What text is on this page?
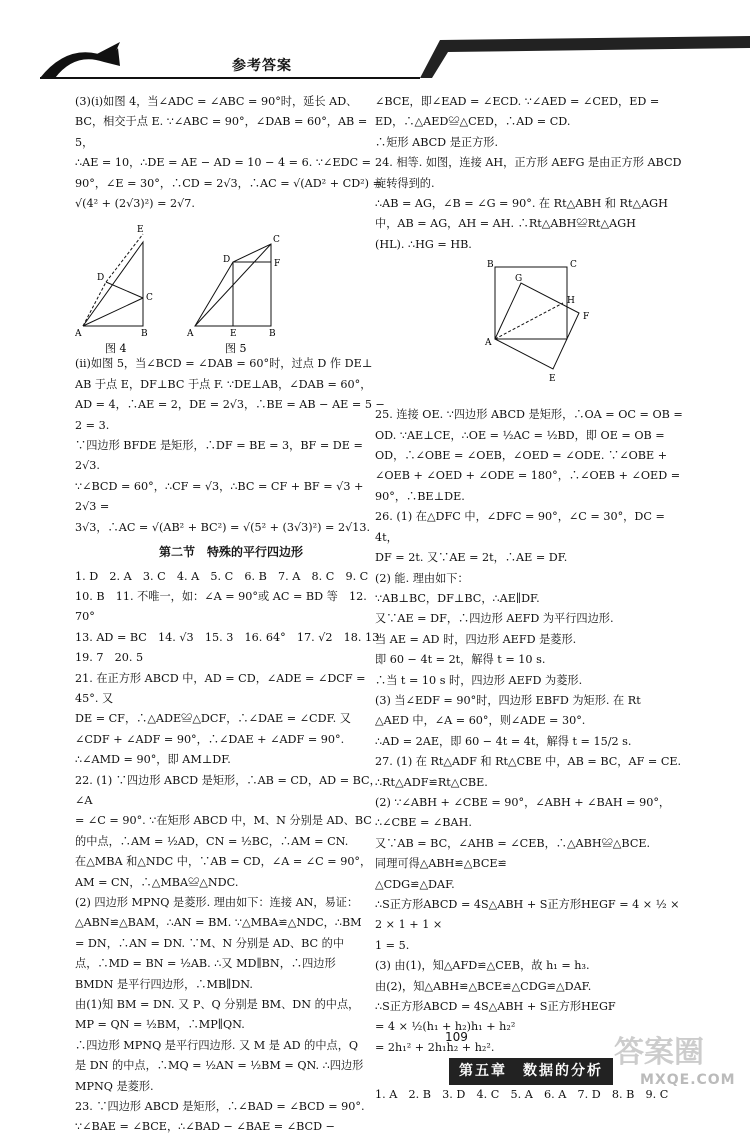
参考答案

(3)(ⅰ)如图 4，当∠ADC = ∠ABC = 90°时，延长 AD、

BC，相交于点 E. ∵∠ABC = 90°，∠DAB = 60°，AB = 5，

∴AE = 10，∴DE = AE − AD = 10 − 4 = 6. ∵∠EDC =

90°，∠E = 30°，∴CD = 2√3，∴AC = √(AD² + CD²) =

√(4² + (2√3)²) = 2√7.

E
D
C
A	B
C
D	F
A	E	B
图 4	图 5

(ⅱ)如图 5，当∠BCD = ∠DAB = 60°时，过点 D 作 DE⊥

AB 于点 E，DF⊥BC 于点 F. ∵DE⊥AB，∠DAB = 60°，

AD = 4，∴AE = 2，DE = 2√3，∴BE = AB − AE = 5 − 2 = 3.

∵四边形 BFDE 是矩形，∴DF = BE = 3，BF = DE = 2√3.

∵∠BCD = 60°，∴CF = √3，∴BC = CF + BF = √3 + 2√3 =

3√3，∴AC = √(AB² + BC²) = √(5² + (3√3)²) = 2√13.

第二节　特殊的平行四边形

1. D　2. A　3. C　4. A　5. C　6. B　7. A　8. C　9. C

10. B　11. 不唯一，如：∠A = 90°或 AC = BD 等　12. 70°

13. AD = BC　14. √3　15. 3　16. 64°　17. √2　18. 13

19. 7　20. 5

21. 在正方形 ABCD 中，AD = CD，∠ADE = ∠DCF = 45°. 又

DE = CF，∴△ADE≌△DCF，∴∠DAE = ∠CDF. 又

∠CDF + ∠ADF = 90°，∴∠DAE + ∠ADF = 90°.

∴∠AMD = 90°，即 AM⊥DF.

22. (1) ∵四边形 ABCD 是矩形，∴AB = CD，AD = BC，∠A

= ∠C = 90°. ∵在矩形 ABCD 中，M、N 分别是 AD、BC

的中点，∴AM = ½AD，CN = ½BC，∴AM = CN.

在△MBA 和△NDC 中，∵AB = CD，∠A = ∠C = 90°，

AM = CN，∴△MBA≌△NDC.

(2) 四边形 MPNQ 是菱形. 理由如下：连接 AN，易证：

△ABN≌△BAM，∴AN = BM. ∵△MBA≌△NDC，∴BM

= DN，∴AN = DN. ∵M、N 分别是 AD、BC 的中

点，∴MD = BN = ½AB. ∴又 MD∥BN，∴四边形

BMDN 是平行四边形，∴MB∥DN.

由(1)知 BM = DN. 又 P、Q 分别是 BM、DN 的中点，

MP = QN = ½BM，∴MP∥QN.

∴四边形 MPNQ 是平行四边形. 又 M 是 AD 的中点，Q

是 DN 的中点，∴MQ = ½AN = ½BM = QN. ∴四边形

MPNQ 是菱形.

23. ∵四边形 ABCD 是矩形，∴∠BAD = ∠BCD = 90°.

∵∠BAE = ∠BCE，∴∠BAD − ∠BAE = ∠BCD −

∠BCE，即∠EAD = ∠ECD. ∵∠AED = ∠CED，ED =

ED，∴△AED≌△CED，∴AD = CD.

∴矩形 ABCD 是正方形.

24. 相等. 如图，连接 AH，正方形 AEFG 是由正方形 ABCD

旋转得到的.

∴AB = AG，∠B = ∠G = 90°. 在 Rt△ABH 和 Rt△AGH

中，AB = AG，AH = AH. ∴Rt△ABH≌Rt△AGH

(HL). ∴HG = HB.

B	C
G
H
A
F
E

25. 连接 OE. ∵四边形 ABCD 是矩形，∴OA = OC = OB =

OD. ∵AE⊥CE，∴OE = ½AC = ½BD，即 OE = OB =

OD，∴∠OBE = ∠OEB，∠OED = ∠ODE. ∵∠OBE +

∠OEB + ∠OED + ∠ODE = 180°，∴∠OEB + ∠OED =

90°，∴BE⊥DE.

26. (1) 在△DFC 中，∠DFC = 90°，∠C = 30°，DC = 4t，

DF = 2t. 又∵AE = 2t，∴AE = DF.

(2) 能. 理由如下：

∵AB⊥BC，DF⊥BC，∴AE∥DF.

又∵AE = DF，∴四边形 AEFD 为平行四边形.

当 AE = AD 时，四边形 AEFD 是菱形.

即 60 − 4t = 2t，解得 t = 10 s.

∴当 t = 10 s 时，四边形 AEFD 为菱形.

(3) 当∠EDF = 90°时，四边形 EBFD 为矩形. 在 Rt

△AED 中，∠A = 60°，则∠ADE = 30°.

∴AD = 2AE，即 60 − 4t = 4t，解得 t = 15/2 s.

27. (1) 在 Rt△ADF 和 Rt△CBE 中，AB = BC，AF = CE.

∴Rt△ADF≌Rt△CBE.

(2) ∵∠ABH + ∠CBE = 90°，∠ABH + ∠BAH = 90°，

∴∠CBE = ∠BAH.

又∵AB = BC，∠AHB = ∠CEB，∴△ABH≌△BCE.

同理可得△ABH≌△BCE≌

△CDG≌△DAF.

∴S正方形ABCD = 4S△ABH + S正方形HEGF = 4 × ½ × 2 × 1 + 1 ×

1 = 5.

(3) 由(1)，知△AFD≌△CEB，故 h₁ = h₃.

由(2)，知△ABH≌△BCE≌△CDG≌△DAF.

∴S正方形ABCD = 4S△ABH + S正方形HEGF

= 4 × ½(h₁ + h₂)h₁ + h₂²

= 2h₁² + 2h₁h₂ + h₂².

第五章　数据的分析

1. A　2. B　3. D　4. C　5. A　6. A　7. D　8. B　9. C

109	答案圈
MXQE.COM
